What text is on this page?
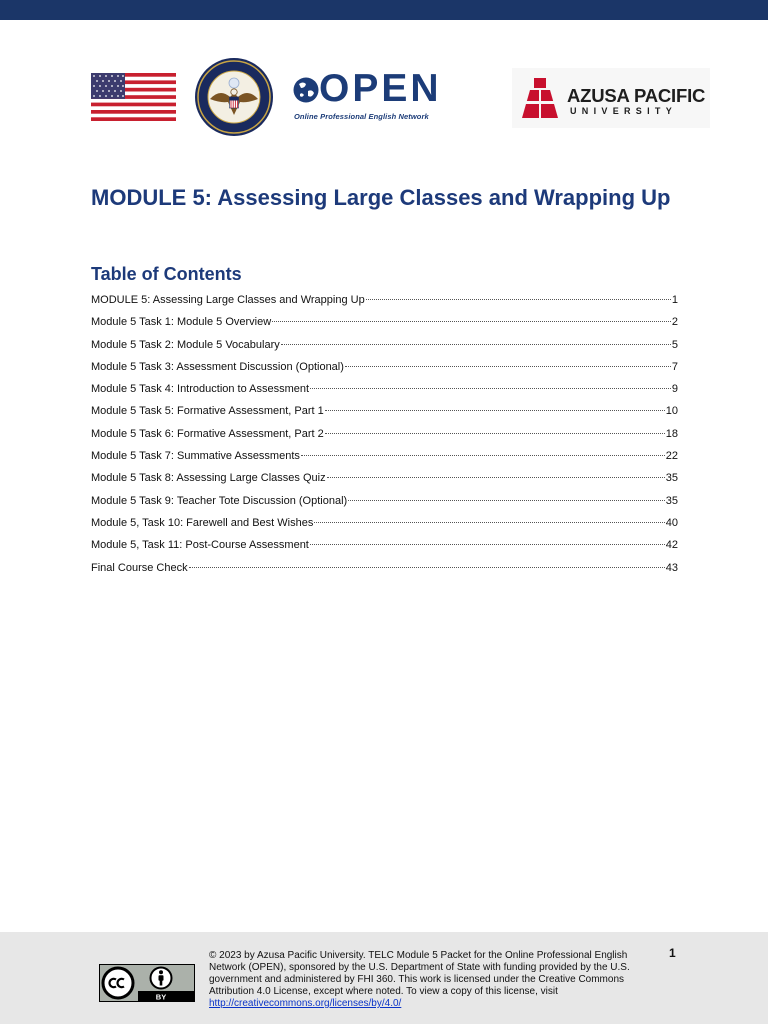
OPEN
Online Professional English Network
AZUSA PACIFIC
UNIVERSITY
MODULE 5: Assessing Large Classes and Wrapping Up
Table of Contents
MODULE 5: Assessing Large Classes and Wrapping Up	1
Module 5 Task 1: Module 5 Overview	2
Module 5 Task 2: Module 5 Vocabulary	5
Module 5 Task 3: Assessment Discussion (Optional)	7
Module 5 Task 4: Introduction to Assessment	9
Module 5 Task 5: Formative Assessment, Part 1	10
Module 5 Task 6: Formative Assessment, Part 2	18
Module 5 Task 7: Summative Assessments	22
Module 5 Task 8: Assessing Large Classes Quiz	35
Module 5 Task 9: Teacher Tote Discussion (Optional)	35
Module 5, Task 10: Farewell and Best Wishes	40
Module 5, Task 11: Post-Course Assessment	42
Final Course Check	43
BY
© 2023 by Azusa Pacific University. TELC Module 5 Packet for the Online Professional English Network (OPEN), sponsored by the U.S. Department of State with funding provided by the U.S. government and administered by FHI 360. This work is licensed under the Creative Commons Attribution 4.0 License, except where noted. To view a copy of this license, visit http://creativecommons.org/licenses/by/4.0/
1
